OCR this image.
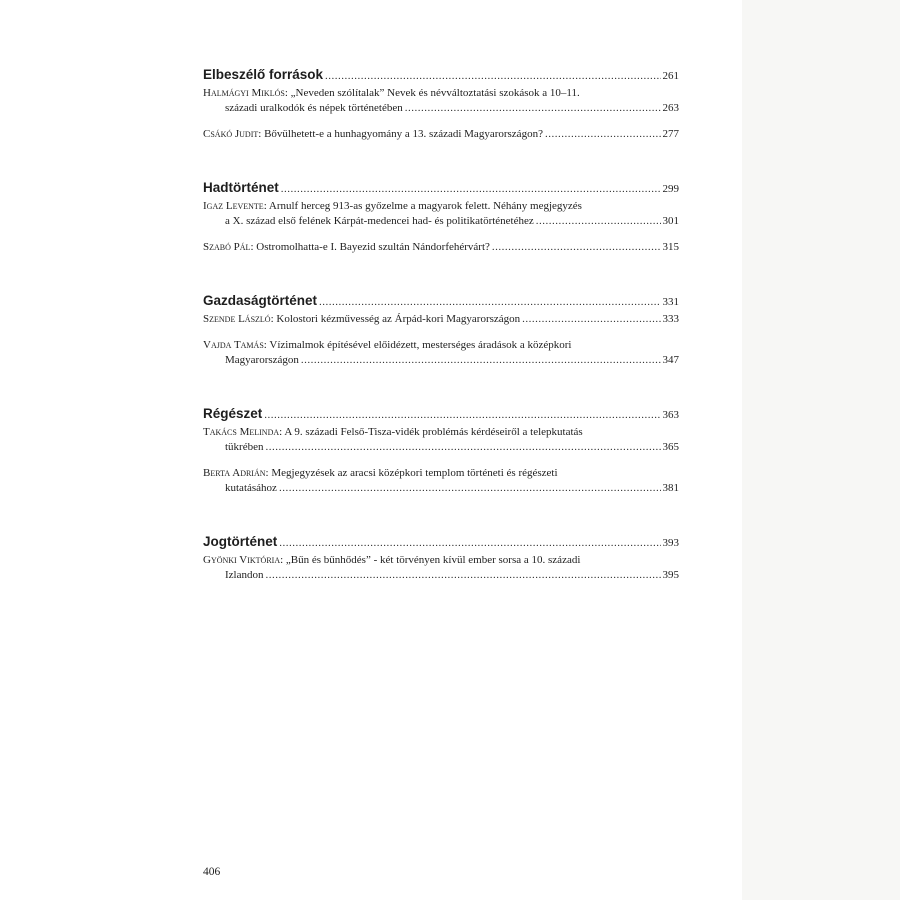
Elbeszélő források .....	261
Halmágyi Miklós: „Neveden szólítalak” Nevek és névváltoztatási szokások a 10–11.
századi uralkodók és népek történetében .....	263
Csákó Judit: Bővülhetett-e a hunhagyomány a 13. századi Magyarországon? .....	277
Hadtörténet .....	299
Igaz Levente: Arnulf herceg 913-as győzelme a magyarok felett. Néhány megjegyzés
a X. század első felének Kárpát-medencei had- és politikatörténetéhez .....	301
Szabó Pál: Ostromolhatta-e I. Bayezid szultán Nándorfehérvárt? .....	315
Gazdaságtörténet .....	331
Szende László: Kolostori kézművesség az Árpád-kori Magyarországon .....	333
Vajda Tamás: Vízimalmok építésével előidézett, mesterséges áradások a középkori
Magyarországon .....	347
Régészet .....	363
Takács Melinda: A 9. századi Felső-Tisza-vidék problémás kérdéseiről a telepkutatás
tükrében .....	365
Berta Adrián: Megjegyzések az aracsi középkori templom történeti és régészeti
kutatásához .....	381
Jogtörténet .....	393
Gyönki Viktória: „Bűn és bűnhődés” - két törvényen kívül ember sorsa a 10. századi
Izlandon .....	395
406
